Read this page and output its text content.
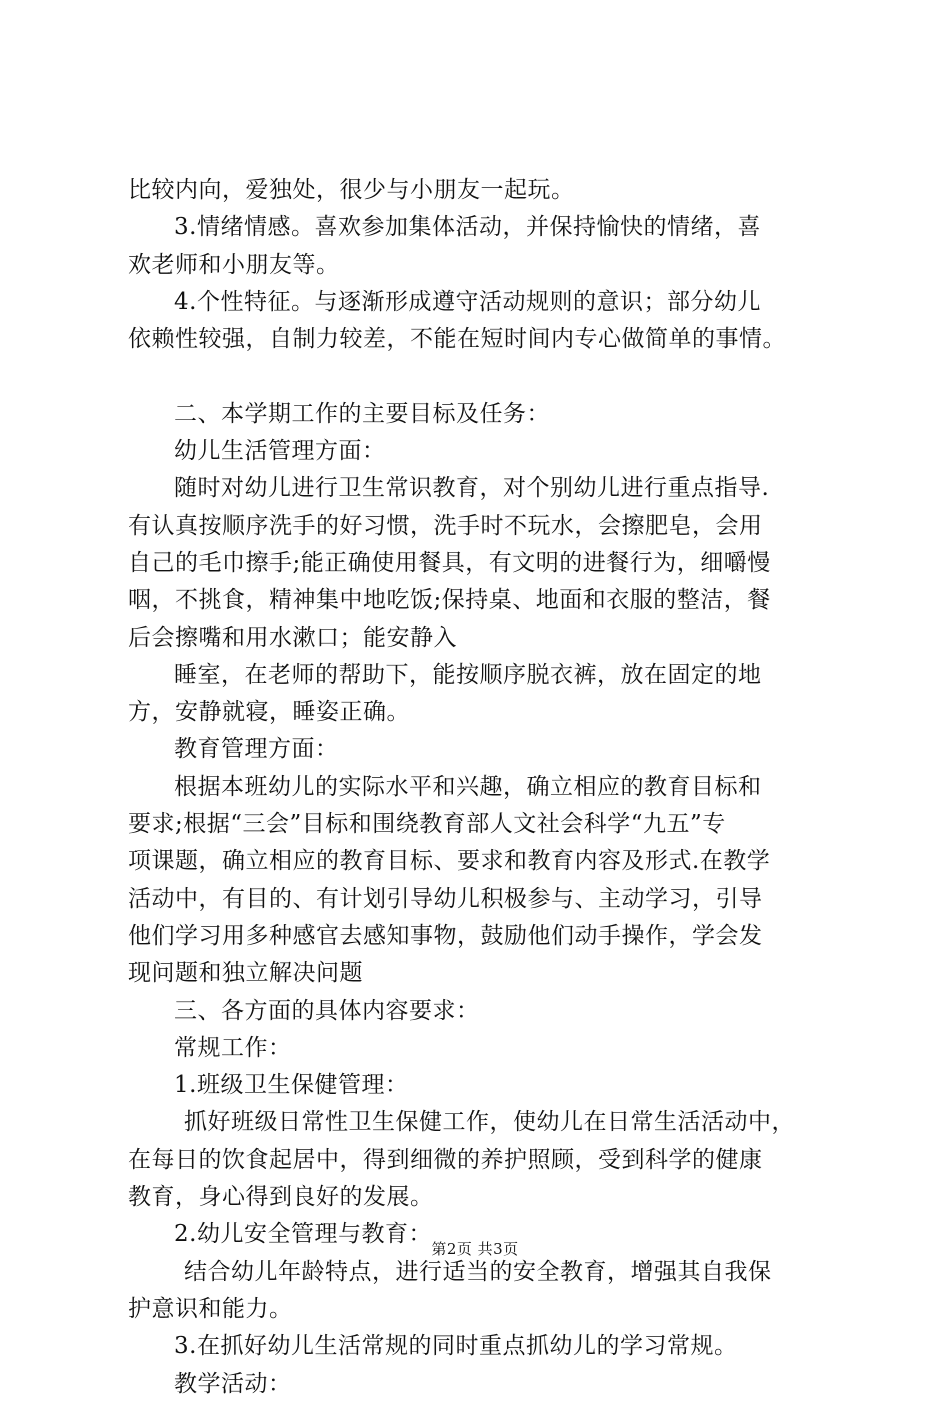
比较内向，爱独处，很少与小朋友一起玩。
3.情绪情感。喜欢参加集体活动，并保持愉快的情绪，喜
欢老师和小朋友等。
4.个性特征。与逐渐形成遵守活动规则的意识；部分幼儿
依赖性较强，自制力较差，不能在短时间内专心做简单的事情。
二、本学期工作的主要目标及任务：
幼儿生活管理方面：
随时对幼儿进行卫生常识教育，对个别幼儿进行重点指导.
有认真按顺序洗手的好习惯，洗手时不玩水，会擦肥皂，会用
自己的毛巾擦手;能正确使用餐具，有文明的进餐行为，细嚼慢
咽，不挑食，精神集中地吃饭;保持桌、地面和衣服的整洁，餐
后会擦嘴和用水漱口；能安静入
睡室，在老师的帮助下，能按顺序脱衣裤，放在固定的地
方，安静就寝，睡姿正确。
教育管理方面：
根据本班幼儿的实际水平和兴趣，确立相应的教育目标和
要求;根据“三会”目标和围绕教育部人文社会科学“九五”专
项课题，确立相应的教育目标、要求和教育内容及形式.在教学
活动中，有目的、有计划引导幼儿积极参与、主动学习，引导
他们学习用多种感官去感知事物，鼓励他们动手操作，学会发
现问题和独立解决问题
三、各方面的具体内容要求：
常规工作：
1.班级卫生保健管理：
抓好班级日常性卫生保健工作，使幼儿在日常生活活动中，
在每日的饮食起居中，得到细微的养护照顾，受到科学的健康
教育，身心得到良好的发展。
2.幼儿安全管理与教育：
结合幼儿年龄特点，进行适当的安全教育，增强其自我保
护意识和能力。
3.在抓好幼儿生活常规的同时重点抓幼儿的学习常规。
教学活动：
第2页 共3页
